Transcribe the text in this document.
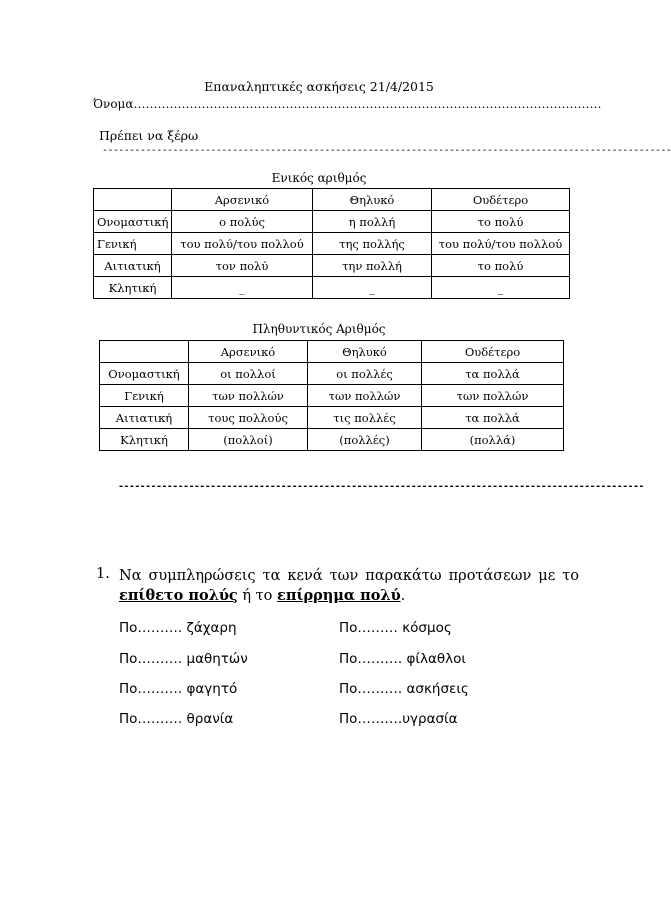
Επαναληπτικές ασκήσεις 21/4/2015
Όνομα………………………………………………………………………………………………………
Πρέπει να ξέρω
---------------------------------------------------------------------------------------------------------
Ενικός αριθμός
	Αρσενικό	Θηλυκό	Ουδέτερο
Ονομαστική	ο πολύς	η πολλή	το πολύ
Γενική	του πολύ/του πολλού	της πολλής	του πολύ/του πολλού
Αιτιατική	τον πολύ	την πολλή	το πολύ
Κλητική	_	_	_
Πληθυντικός Αριθμός
	Αρσενικό	Θηλυκό	Ουδέτερο
Ονομαστική	οι πολλοί	οι πολλές	τα πολλά
Γενική	των πολλών	των πολλών	των πολλών
Αιτιατική	τους πολλούς	τις πολλές	τα πολλά
Κλητική	(πολλοί)	(πολλές)	(πολλά)
-------------------------------------------------------------------------------------------------
1. Να συμπληρώσεις τα κενά των παρακάτω προτάσεων με το επίθετο πολύς ή το επίρρημα πολύ.
Πο………. ζάχαρη
Πο………. μαθητών
Πο………. φαγητό
Πο………. θρανία
Πο……… κόσμος
Πο………. φίλαθλοι
Πο………. ασκήσεις
Πο……….υγρασία
